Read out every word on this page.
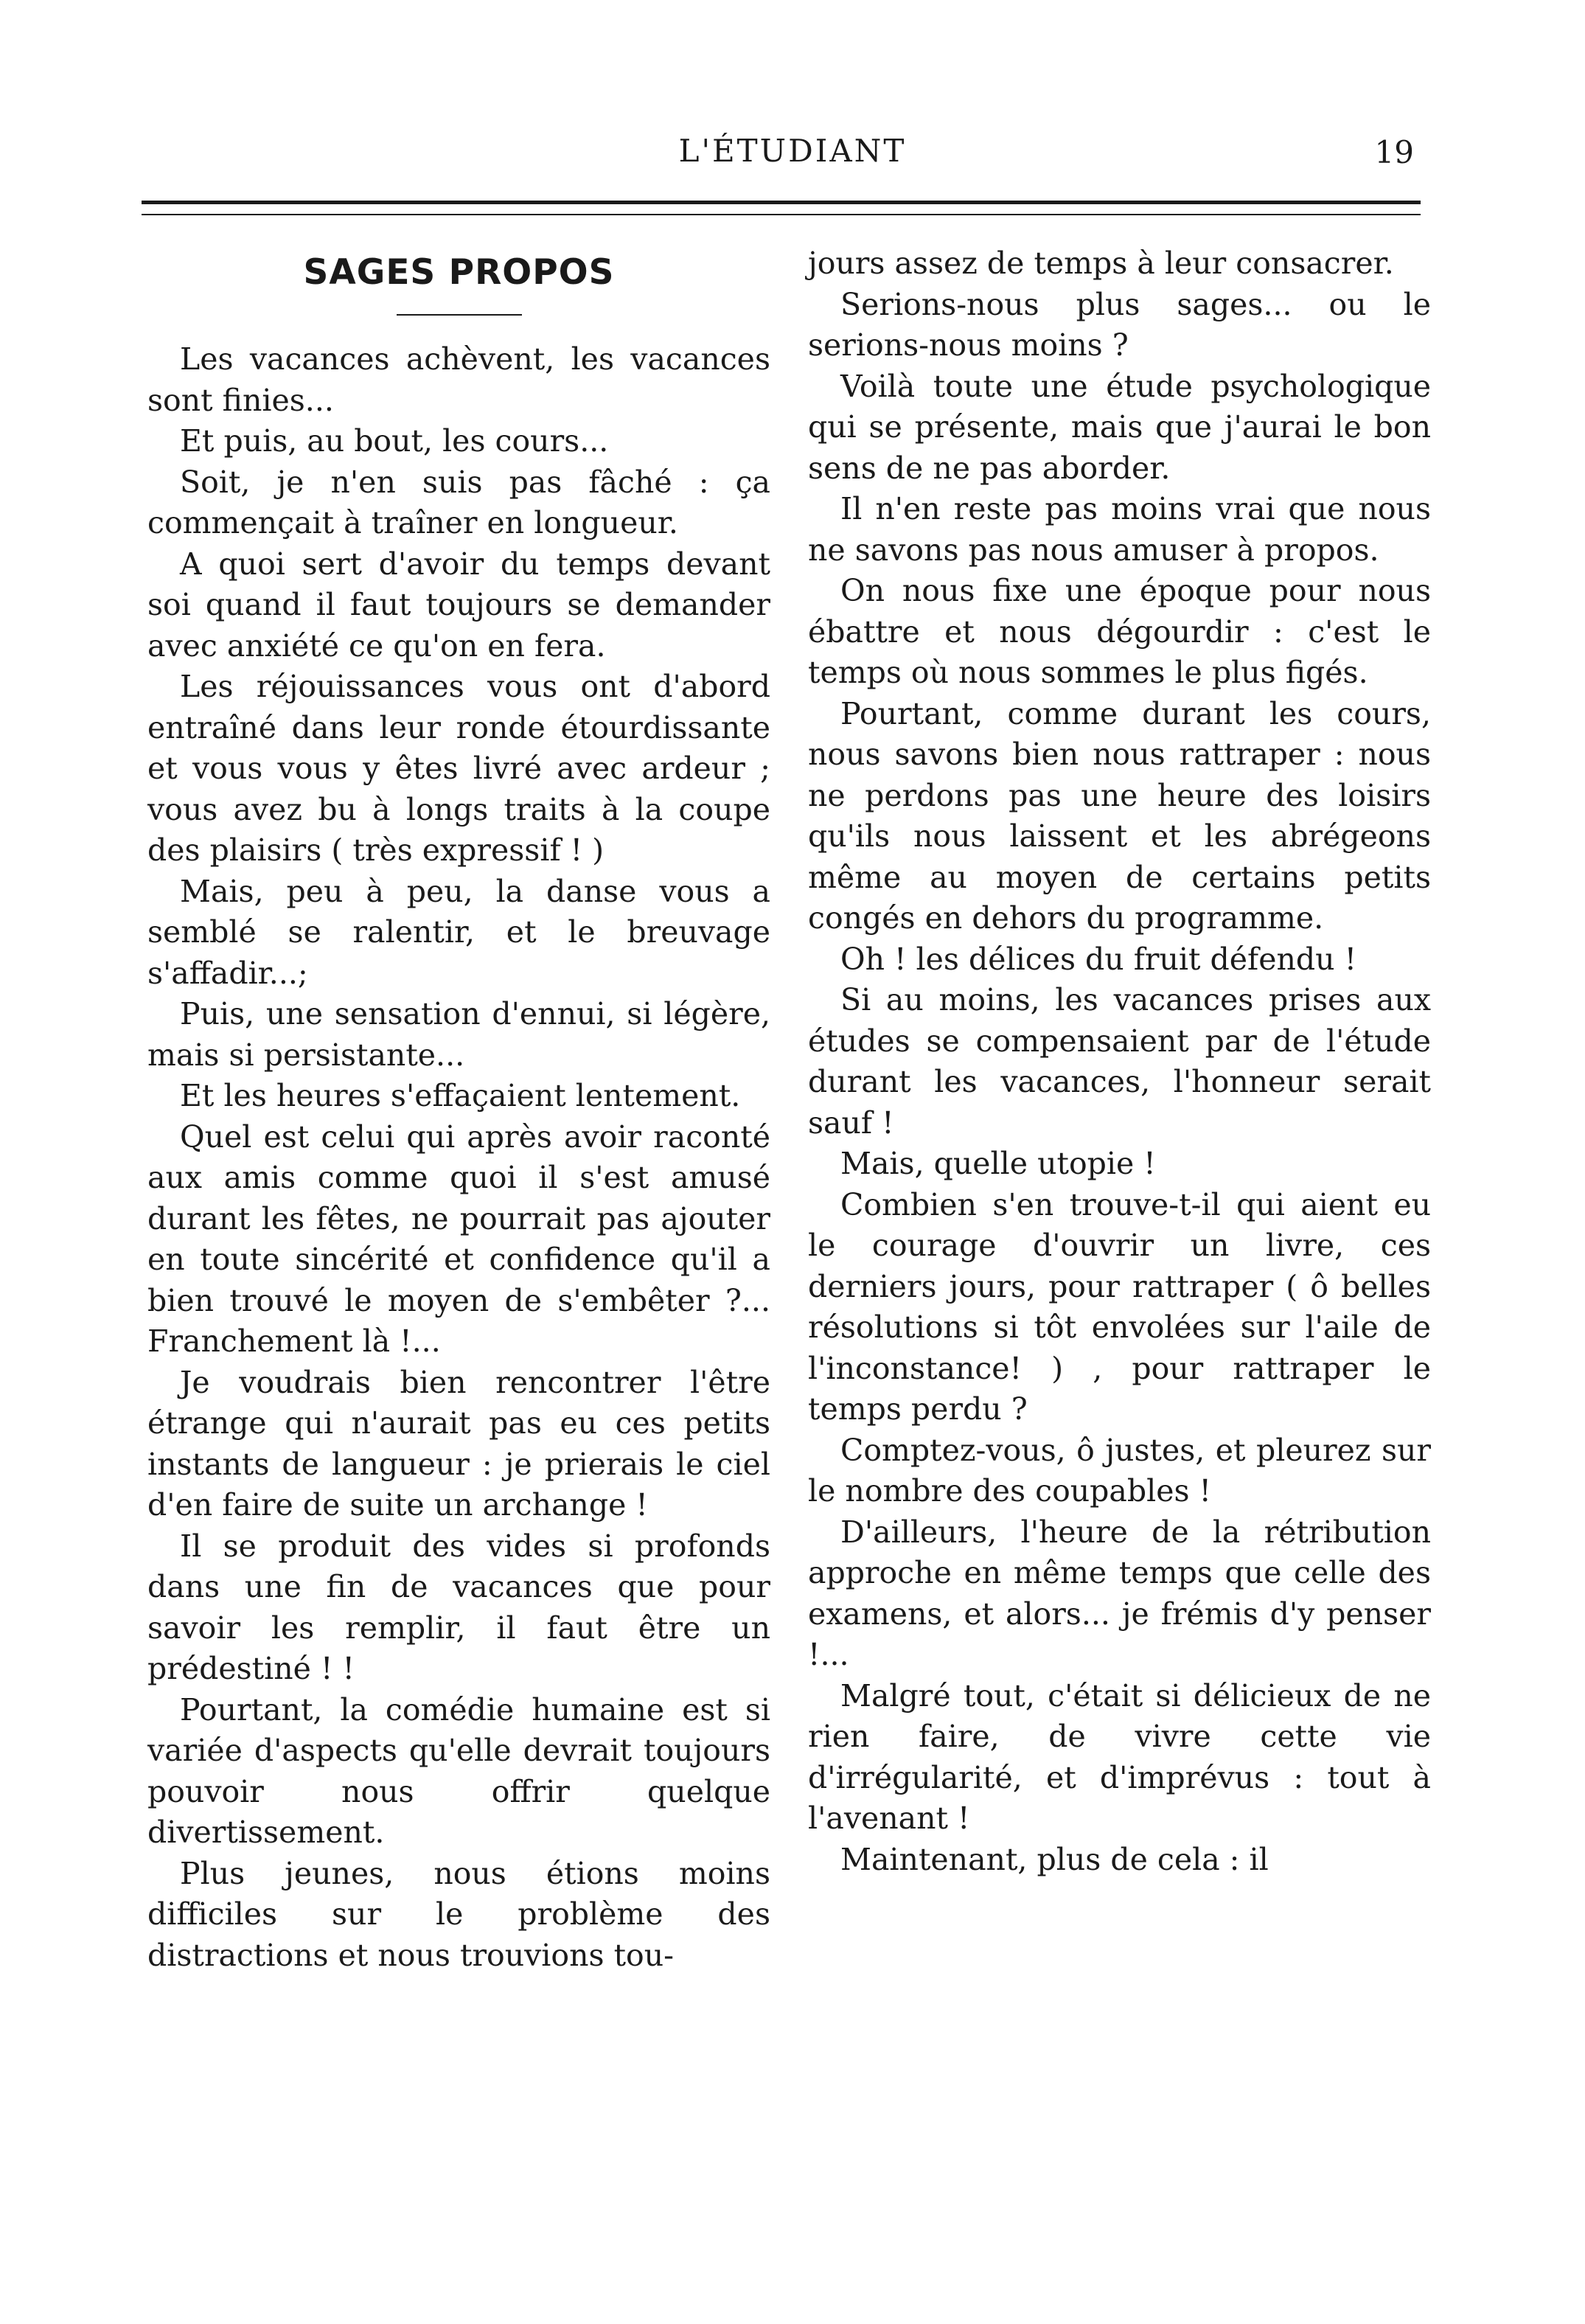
L'ÉTUDIANT	19
SAGES PROPOS

Les vacances achèvent, les vacances sont finies...

Et puis, au bout, les cours...

Soit, je n'en suis pas fâché : ça commençait à traîner en longueur.

A quoi sert d'avoir du temps devant soi quand il faut toujours se demander avec anxiété ce qu'on en fera.

Les réjouissances vous ont d'abord entraîné dans leur ronde étourdissante et vous vous y êtes livré avec ardeur ; vous avez bu à longs traits à la coupe des plaisirs ( très expressif ! )

Mais, peu à peu, la danse vous a semblé se ralentir, et le breuvage s'affadir...;

Puis, une sensation d'ennui, si légère, mais si persistante...

Et les heures s'effaçaient lentement.

Quel est celui qui après avoir raconté aux amis comme quoi il s'est amusé durant les fêtes, ne pourrait pas ajouter en toute sincérité et confidence qu'il a bien trouvé le moyen de s'embêter ?... Franchement là !...

Je voudrais bien rencontrer l'être étrange qui n'aurait pas eu ces petits instants de langueur : je prierais le ciel d'en faire de suite un archange !

Il se produit des vides si profonds dans une fin de vacances que pour savoir les remplir, il faut être un prédestiné ! !

Pourtant, la comédie humaine est si variée d'aspects qu'elle devrait toujours pouvoir nous offrir quelque divertissement.

Plus jeunes, nous étions moins difficiles sur le problème des distractions et nous trouvions tou-

jours assez de temps à leur consacrer.

Serions-nous plus sages... ou le serions-nous moins ?

Voilà toute une étude psychologique qui se présente, mais que j'aurai le bon sens de ne pas aborder.

Il n'en reste pas moins vrai que nous ne savons pas nous amuser à propos.

On nous fixe une époque pour nous ébattre et nous dégourdir : c'est le temps où nous sommes le plus figés.

Pourtant, comme durant les cours, nous savons bien nous rattraper : nous ne perdons pas une heure des loisirs qu'ils nous laissent et les abrégeons même au moyen de certains petits congés en dehors du programme.

Oh ! les délices du fruit défendu !

Si au moins, les vacances prises aux études se compensaient par de l'étude durant les vacances, l'honneur serait sauf !

Mais, quelle utopie !

Combien s'en trouve-t-il qui aient eu le courage d'ouvrir un livre, ces derniers jours, pour rattraper ( ô belles résolutions si tôt envolées sur l'aile de l'inconstance! ) , pour rattraper le temps perdu ?

Comptez-vous, ô justes, et pleurez sur le nombre des coupables !

D'ailleurs, l'heure de la rétribution approche en même temps que celle des examens, et alors... je frémis d'y penser !...

Malgré tout, c'était si délicieux de ne rien faire, de vivre cette vie d'irrégularité, et d'imprévus : tout à l'avenant !

Maintenant, plus de cela : il
